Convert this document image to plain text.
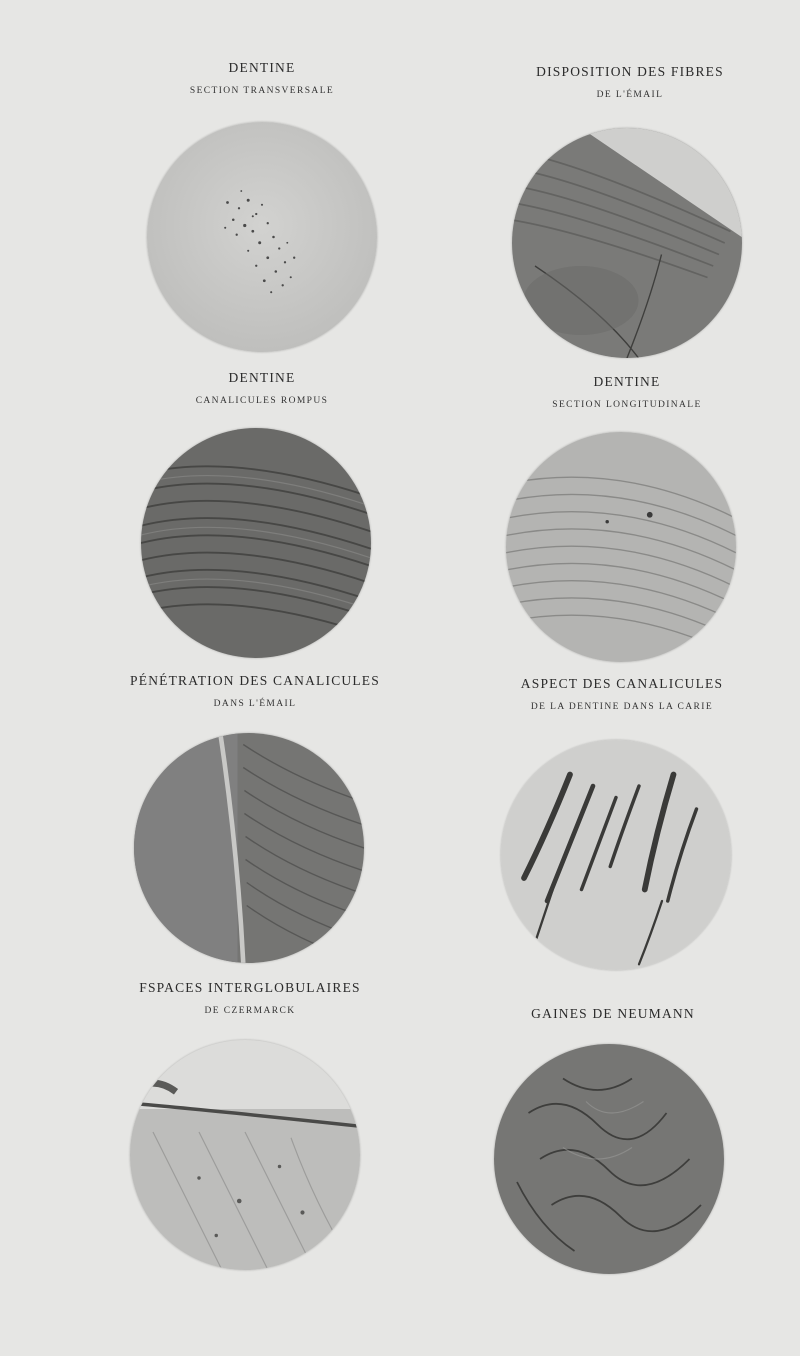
DENTINE
SECTION TRANSVERSALE
DISPOSITION DES FIBRES
DE L'ÉMAIL
DENTINE
CANALICULES ROMPUS
DENTINE
SECTION LONGITUDINALE
PÉNÉTRATION DES CANALICULES
DANS L'ÉMAIL
ASPECT DES CANALICULES
DE LA DENTINE DANS LA CARIE
FSPACES INTERGLOBULAIRES
DE CZERMARCK	GAINES DE NEUMANN
